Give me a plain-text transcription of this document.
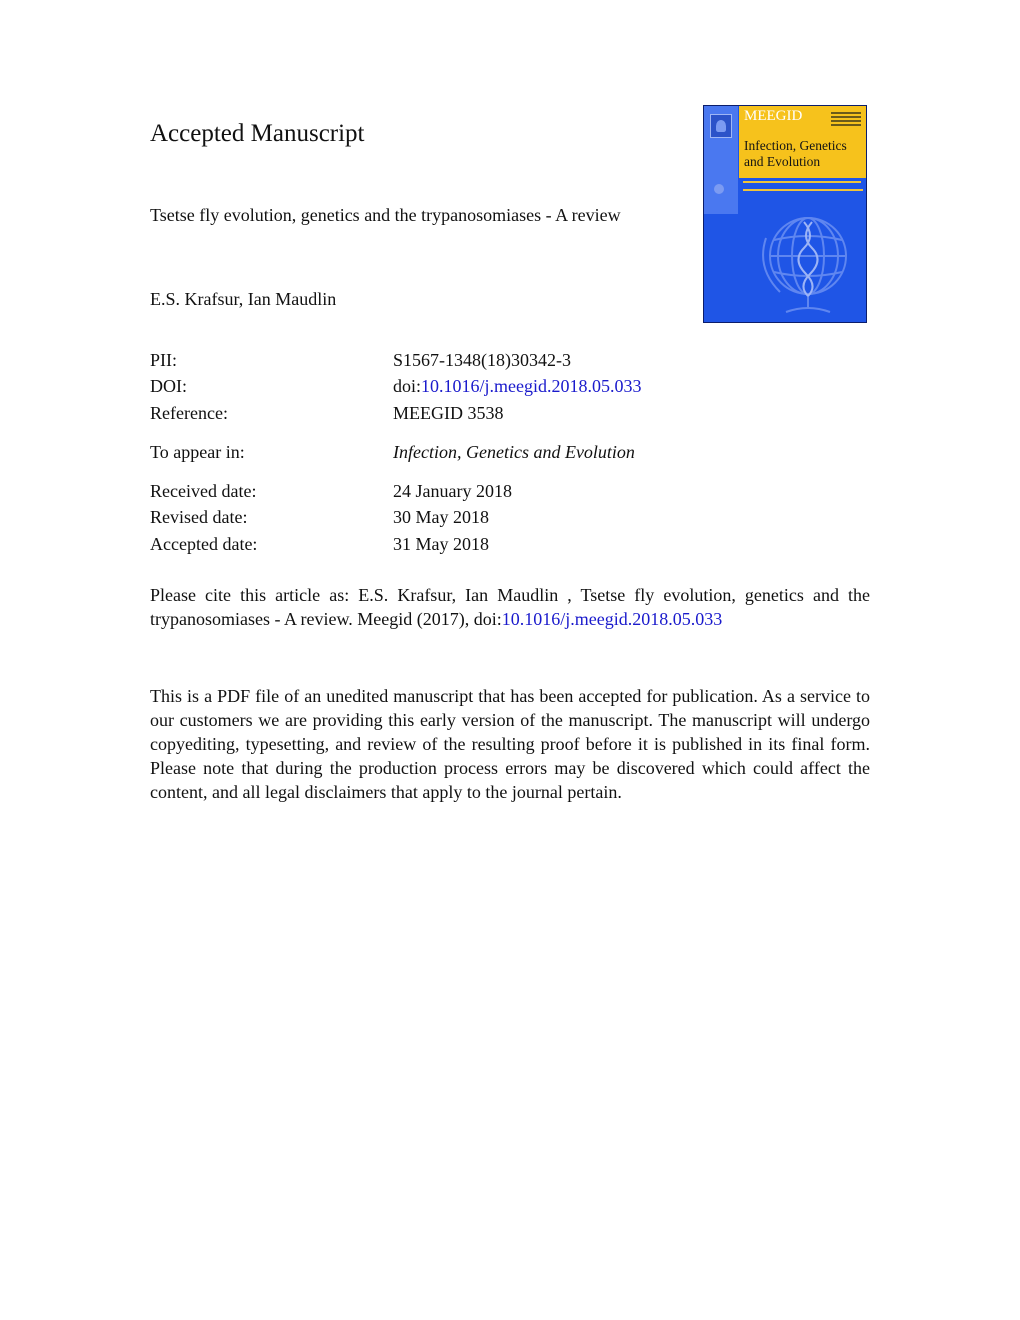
Accepted Manuscript
Tsetse fly evolution, genetics and the trypanosomiases - A review
E.S. Krafsur, Ian Maudlin
PII:	S1567-1348(18)30342-3
DOI:	doi:10.1016/j.meegid.2018.05.033
Reference:	MEEGID 3538
To appear in:	Infection, Genetics and Evolution
Received date:	24 January 2018
Revised date:	30 May 2018
Accepted date:	31 May 2018
Please cite this article as: E.S. Krafsur, Ian Maudlin , Tsetse fly evolution, genetics and the trypanosomiases - A review. Meegid (2017), doi:10.1016/j.meegid.2018.05.033
This is a PDF file of an unedited manuscript that has been accepted for publication. As a service to our customers we are providing this early version of the manuscript. The manuscript will undergo copyediting, typesetting, and review of the resulting proof before it is published in its final form. Please note that during the production process errors may be discovered which could affect the content, and all legal disclaimers that apply to the journal pertain.
MEEGID
Infection, Genetics
and Evolution
